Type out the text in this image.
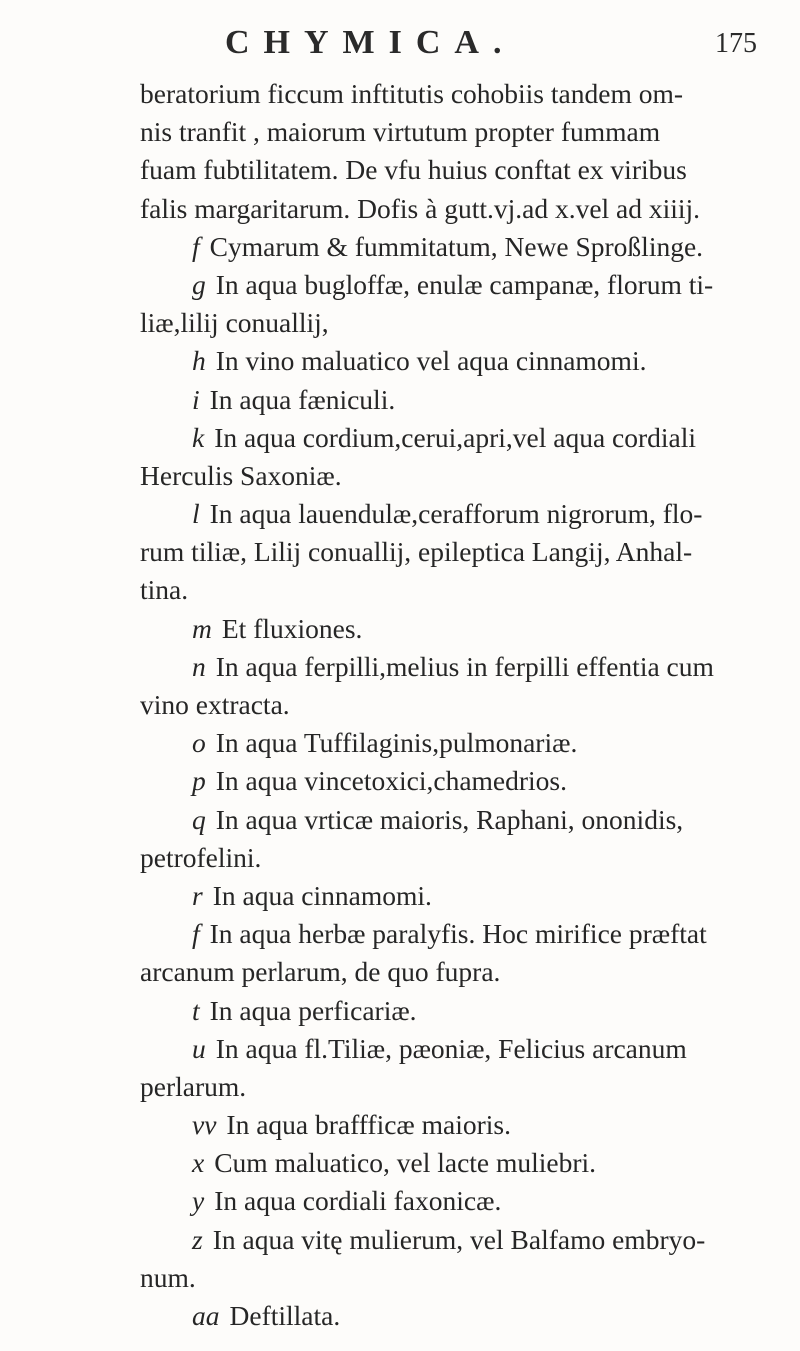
CHYMICA.	175
beratorium ficcum inftitutis cohobiis tandem om-
nis tranfit , maiorum virtutum propter fummam
fuam fubtilitatem. De vfu huius conftat ex viribus
falis margaritarum. Dofis à gutt.vj.ad x.vel ad xiiij.
f Cymarum & fummitatum, Newe Sproßlinge.
g In aqua bugloffæ, enulæ campanæ, florum ti-
liæ,lilij conuallij,
h In vino maluatico vel aqua cinnamomi.
i In aqua fæniculi.
k In aqua cordium,cerui,apri,vel aqua cordiali
Herculis Saxoniæ.
l In aqua lauendulæ,cerafforum nigrorum, flo-
rum tiliæ, Lilij conuallij, epileptica Langij, Anhal-
tina.
m Et fluxiones.
n In aqua ferpilli,melius in ferpilli effentia cum
vino extracta.
o In aqua Tuffilaginis,pulmonariæ.
p In aqua vincetoxici,chamedrios.
q In aqua vrticæ maioris, Raphani, ononidis,
petrofelini.
r In aqua cinnamomi.
f In aqua herbæ paralyfis. Hoc mirifice præftat
arcanum perlarum, de quo fupra.
t In aqua perficariæ.
u In aqua fl.Tiliæ, pæoniæ, Felicius arcanum
perlarum.
vv In aqua braffficæ maioris.
x Cum maluatico, vel lacte muliebri.
y In aqua cordiali faxonicæ.
z In aqua vitę mulierum, vel Balfamo embryo-
num.
aa Deftillata.
